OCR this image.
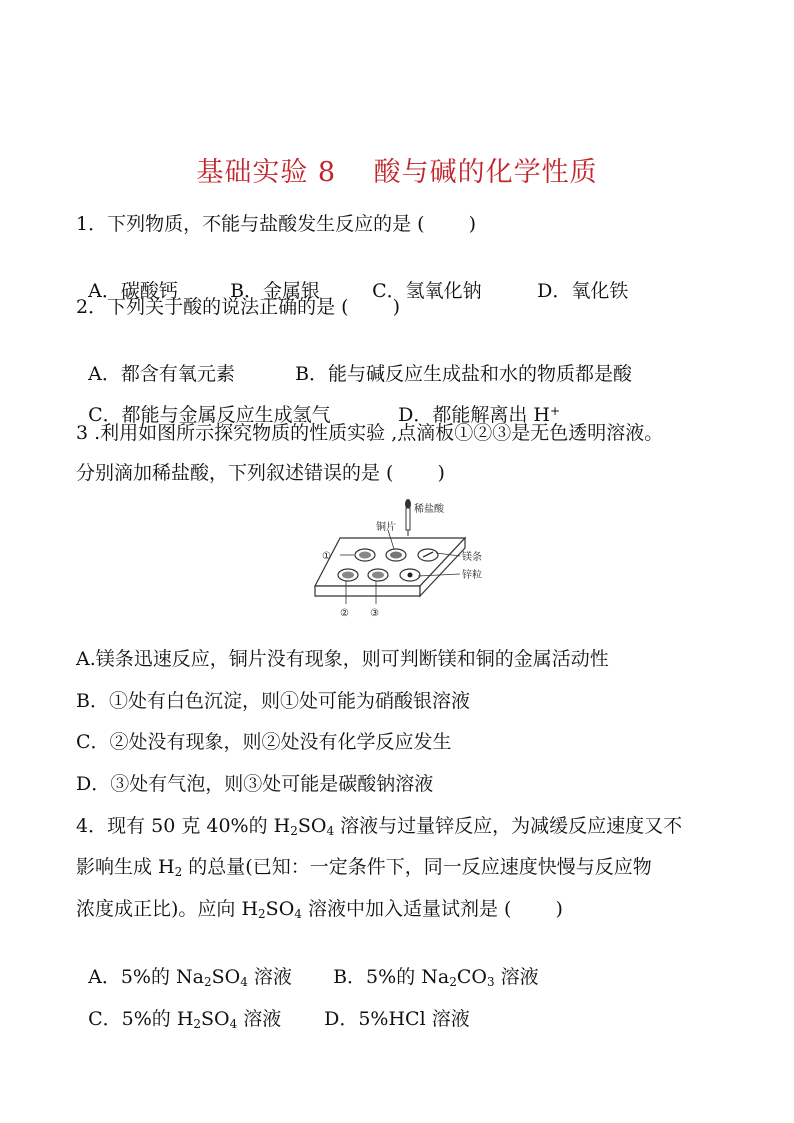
基础实验 8　 酸与碱的化学性质
1．下列物质，不能与盐酸发生反应的是 (　　 )

A．碳酸钙	B．金属银	C．氢氧化钠	D．氧化铁

2．下列关于酸的说法正确的是 (　　 )

A．都含有氧元素	B．能与碱反应生成盐和水的物质都是酸

C．都能与金属反应生成氢气	D．都能解离出 H+

3 .利用如图所示探究物质的性质实验 ,点滴板①②③是无色透明溶液。
分别滴加稀盐酸，下列叙述错误的是 (　　 )
稀盐酸
①
铜片
镁条
锌粒
② ③
A.镁条迅速反应，铜片没有现象，则可判断镁和铜的金属活动性
B．①处有白色沉淀，则①处可能为硝酸银溶液
C．②处没有现象，则②处没有化学反应发生
D．③处有气泡，则③处可能是碳酸钠溶液
4．现有 50 克 40%的 $H_2SO_4$ 溶液与过量锌反应，为减缓反应速度又不
影响生成 $H_2$ 的总量(已知：一定条件下，同一反应速度快慢与反应物
浓度成正比)。应向 $H_2SO_4$ 溶液中加入适量试剂是 (　　 )

A．5%的 $Na_2SO_4$ 溶液 B．5%的 $Na_2CO_3$ 溶液

C．5%的 $H_2SO_4$ 溶液 D．5%HCl 溶液
